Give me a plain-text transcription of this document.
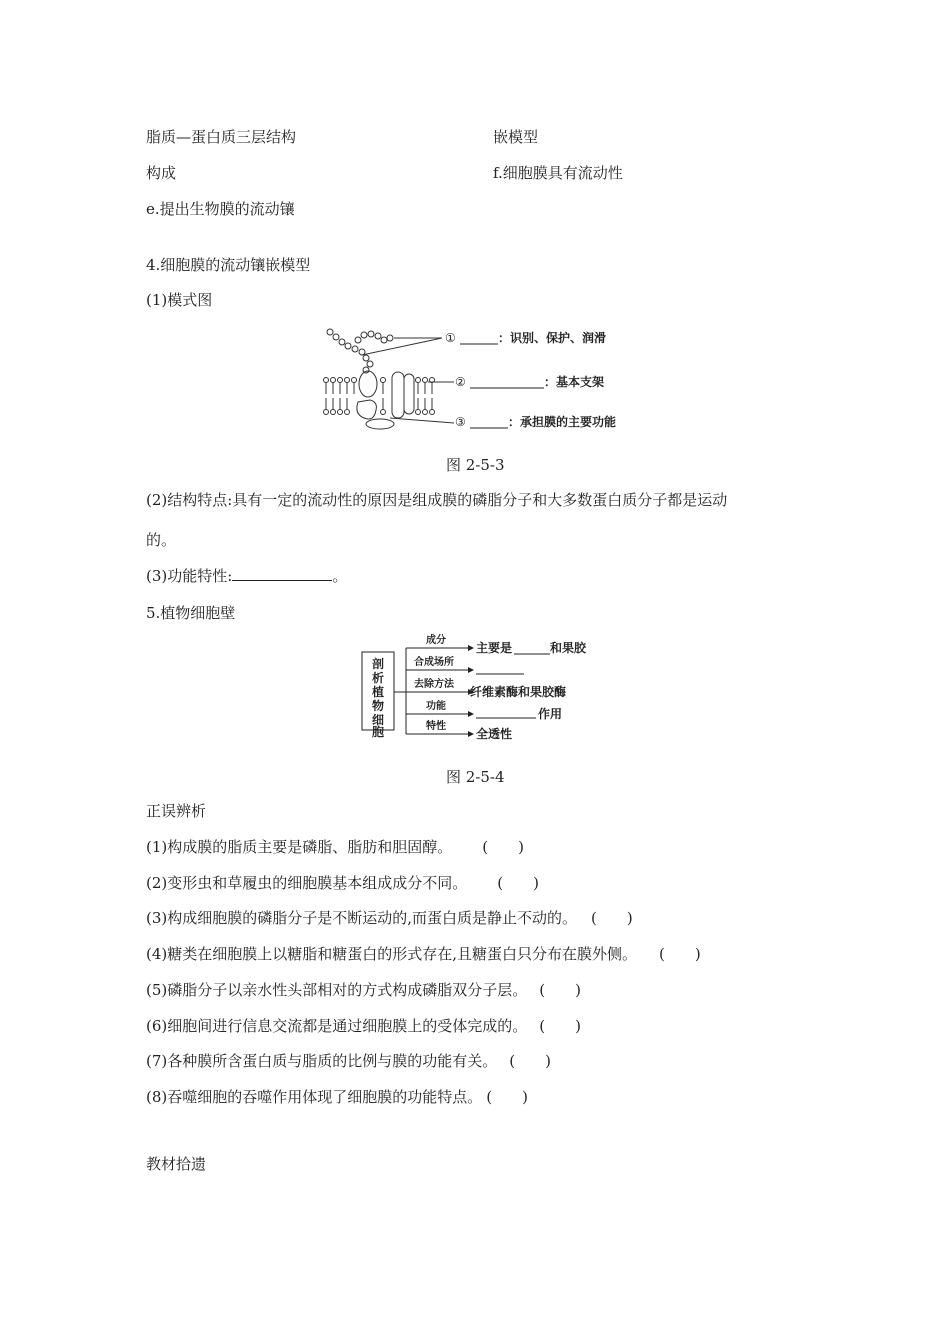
脂质—蛋白质三层结构	嵌模型
构成	f.细胞膜具有流动性
e.提出生物膜的流动镶
4.细胞膜的流动镶嵌模型
(1)模式图
①	：识别、保护、润滑
②	：基本支架
③	：承担膜的主要功能
图 2-5-3
(2)结构特点:具有一定的流动性的原因是组成膜的磷脂分子和大多数蛋白质分子都是运动
的。
(3)功能特性:	。
5.植物细胞壁
剖
析
植
物
细
胞
成分
合成场所
去除方法
功能
特性
主要是	和果胶
纤维素酶和果胶酶
作用
全透性
图 2-5-4
正误辨析
(1)构成膜的脂质主要是磷脂、脂肪和胆固醇。 (　　)
(2)变形虫和草履虫的细胞膜基本组成成分不同。 (　　)
(3)构成细胞膜的磷脂分子是不断运动的,而蛋白质是静止不动的。 (　　)
(4)糖类在细胞膜上以糖脂和糖蛋白的形式存在,且糖蛋白只分布在膜外侧。 (　　)
(5)磷脂分子以亲水性头部相对的方式构成磷脂双分子层。 (　　)
(6)细胞间进行信息交流都是通过细胞膜上的受体完成的。 (　　)
(7)各种膜所含蛋白质与脂质的比例与膜的功能有关。 (　　)
(8)吞噬细胞的吞噬作用体现了细胞膜的功能特点。 (　　)
教材拾遗
